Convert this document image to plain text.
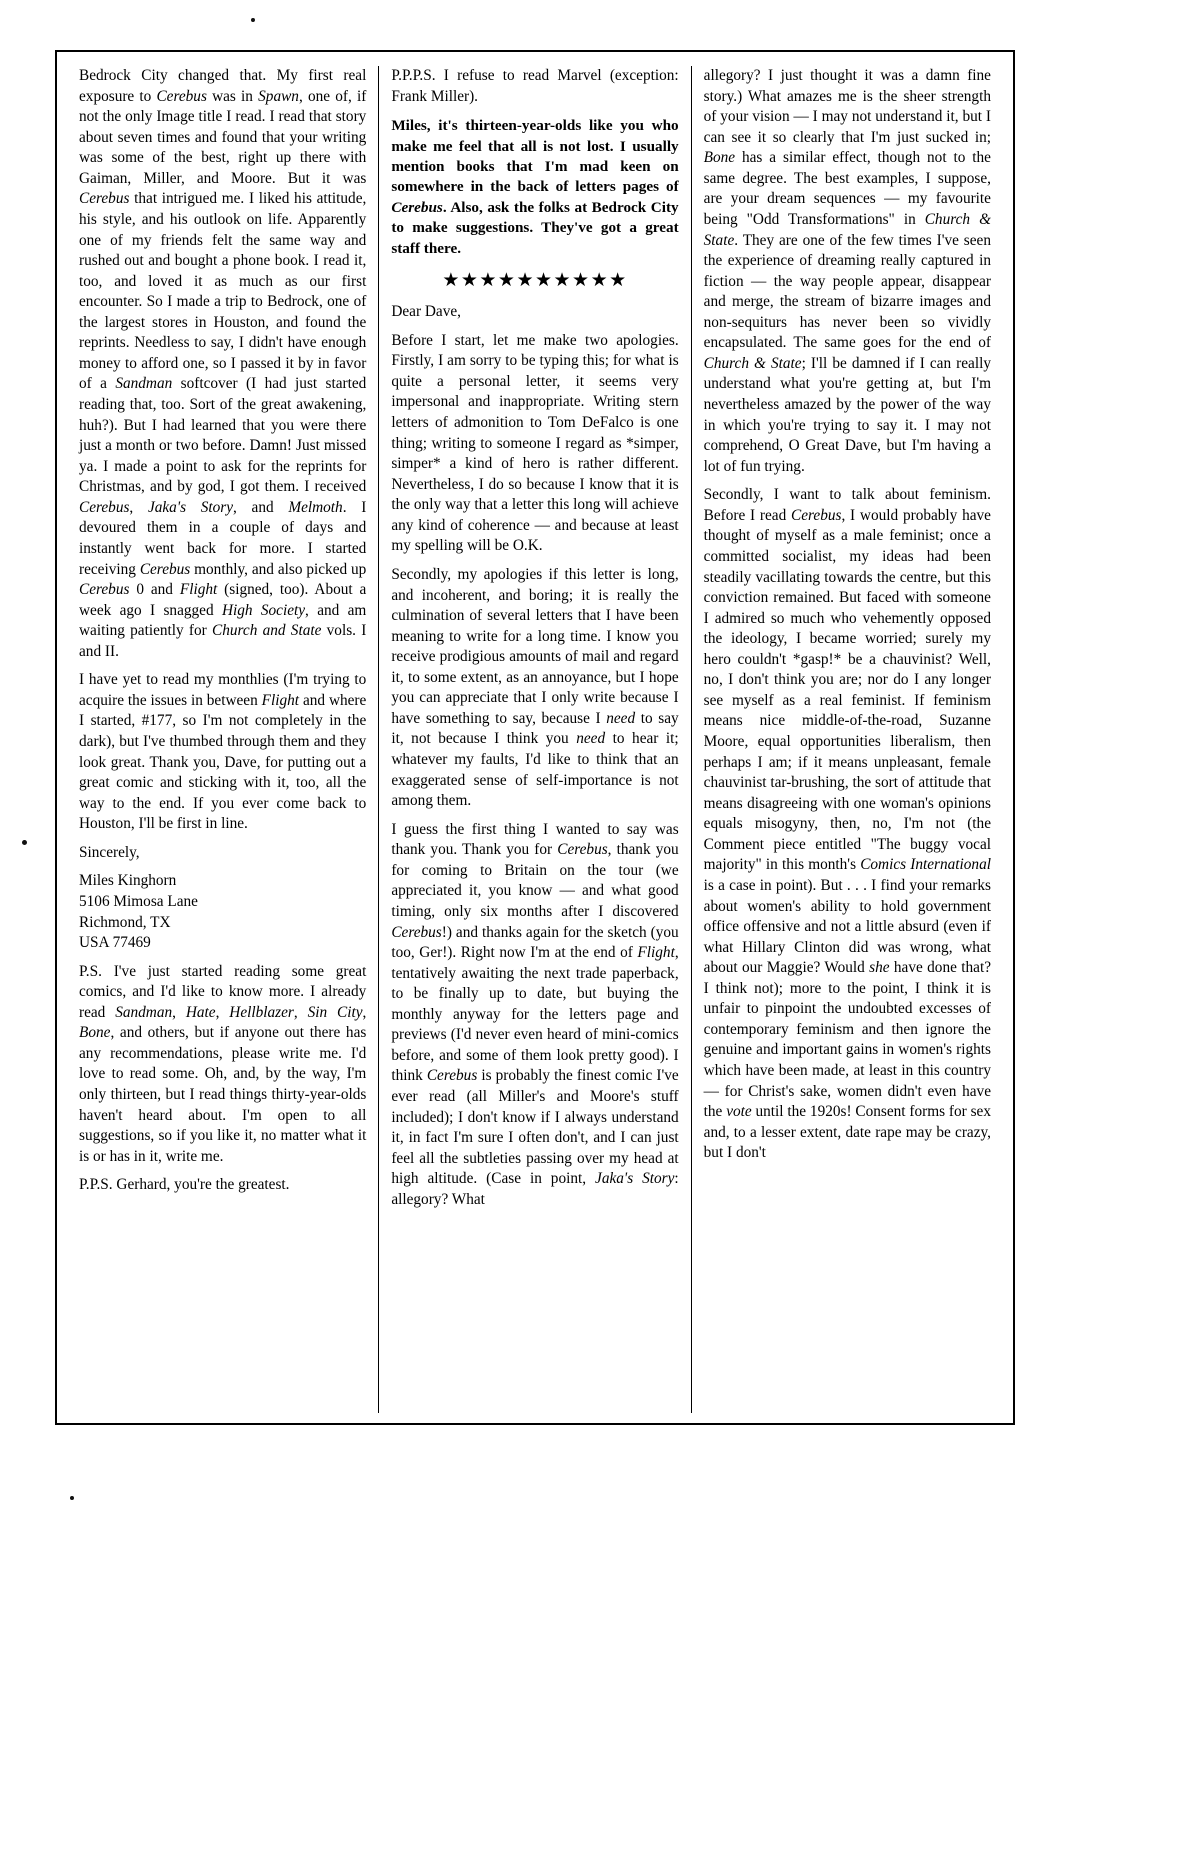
Bedrock City changed that. My first real exposure to Cerebus was in Spawn, one of, if not the only Image title I read. I read that story about seven times and found that your writing was some of the best, right up there with Gaiman, Miller, and Moore. But it was Cerebus that intrigued me. I liked his attitude, his style, and his outlook on life. Apparently one of my friends felt the same way and rushed out and bought a phone book. I read it, too, and loved it as much as our first encounter. So I made a trip to Bedrock, one of the largest stores in Houston, and found the reprints. Needless to say, I didn't have enough money to afford one, so I passed it by in favor of a Sandman softcover (I had just started reading that, too. Sort of the great awakening, huh?). But I had learned that you were there just a month or two before. Damn! Just missed ya. I made a point to ask for the reprints for Christmas, and by god, I got them. I received Cerebus, Jaka's Story, and Melmoth. I devoured them in a couple of days and instantly went back for more. I started receiving Cerebus monthly, and also picked up Cerebus 0 and Flight (signed, too). About a week ago I snagged High Society, and am waiting patiently for Church and State vols. I and II.

I have yet to read my monthlies (I'm trying to acquire the issues in between Flight and where I started, #177, so I'm not completely in the dark), but I've thumbed through them and they look great. Thank you, Dave, for putting out a great comic and sticking with it, too, all the way to the end. If you ever come back to Houston, I'll be first in line.

Sincerely,

Miles Kinghorn
5106 Mimosa Lane
Richmond, TX
USA 77469

P.S. I've just started reading some great comics, and I'd like to know more. I already read Sandman, Hate, Hellblazer, Sin City, Bone, and others, but if anyone out there has any recommendations, please write me. I'd love to read some. Oh, and, by the way, I'm only thirteen, but I read things thirty-year-olds haven't heard about. I'm open to all suggestions, so if you like it, no matter what it is or has in it, write me.

P.P.S. Gerhard, you're the greatest.

P.P.P.S. I refuse to read Marvel (exception: Frank Miller).

Miles, it's thirteen-year-olds like you who make me feel that all is not lost. I usually mention books that I'm mad keen on somewhere in the back of letters pages of Cerebus. Also, ask the folks at Bedrock City to make suggestions. They've got a great staff there.

★★★★★★★★★★
Dear Dave,

Before I start, let me make two apologies. Firstly, I am sorry to be typing this; for what is quite a personal letter, it seems very impersonal and inappropriate. Writing stern letters of admonition to Tom DeFalco is one thing; writing to someone I regard as *simper, simper* a kind of hero is rather different. Nevertheless, I do so because I know that it is the only way that a letter this long will achieve any kind of coherence — and because at least my spelling will be O.K.

Secondly, my apologies if this letter is long, and incoherent, and boring; it is really the culmination of several letters that I have been meaning to write for a long time. I know you receive prodigious amounts of mail and regard it, to some extent, as an annoyance, but I hope you can appreciate that I only write because I have something to say, because I need to say it, not because I think you need to hear it; whatever my faults, I'd like to think that an exaggerated sense of self-importance is not among them.

I guess the first thing I wanted to say was thank you. Thank you for Cerebus, thank you for coming to Britain on the tour (we appreciated it, you know — and what good timing, only six months after I discovered Cerebus!) and thanks again for the sketch (you too, Ger!). Right now I'm at the end of Flight, tentatively awaiting the next trade paperback, to be finally up to date, but buying the monthly anyway for the letters page and previews (I'd never even heard of mini-comics before, and some of them look pretty good). I think Cerebus is probably the finest comic I've ever read (all Miller's and Moore's stuff included); I don't know if I always understand it, in fact I'm sure I often don't, and I can just feel all the subtleties passing over my head at high altitude. (Case in point, Jaka's Story: allegory? What

allegory? I just thought it was a damn fine story.) What amazes me is the sheer strength of your vision — I may not understand it, but I can see it so clearly that I'm just sucked in; Bone has a similar effect, though not to the same degree. The best examples, I suppose, are your dream sequences — my favourite being "Odd Transformations" in Church & State. They are one of the few times I've seen the experience of dreaming really captured in fiction — the way people appear, disappear and merge, the stream of bizarre images and non-sequiturs has never been so vividly encapsulated. The same goes for the end of Church & State; I'll be damned if I can really understand what you're getting at, but I'm nevertheless amazed by the power of the way in which you're trying to say it. I may not comprehend, O Great Dave, but I'm having a lot of fun trying.

Secondly, I want to talk about feminism. Before I read Cerebus, I would probably have thought of myself as a male feminist; once a committed socialist, my ideas had been steadily vacillating towards the centre, but this conviction remained. But faced with someone I admired so much who vehemently opposed the ideology, I became worried; surely my hero couldn't *gasp!* be a chauvinist? Well, no, I don't think you are; nor do I any longer see myself as a real feminist. If feminism means nice middle-of-the-road, Suzanne Moore, equal opportunities liberalism, then perhaps I am; if it means unpleasant, female chauvinist tar-brushing, the sort of attitude that means disagreeing with one woman's opinions equals misogyny, then, no, I'm not (the Comment piece entitled "The buggy vocal majority" in this month's Comics International is a case in point). But . . . I find your remarks about women's ability to hold government office offensive and not a little absurd (even if what Hillary Clinton did was wrong, what about our Maggie? Would she have done that? I think not); more to the point, I think it is unfair to pinpoint the undoubted excesses of contemporary feminism and then ignore the genuine and important gains in women's rights which have been made, at least in this country — for Christ's sake, women didn't even have the vote until the 1920s! Consent forms for sex and, to a lesser extent, date rape may be crazy, but I don't
